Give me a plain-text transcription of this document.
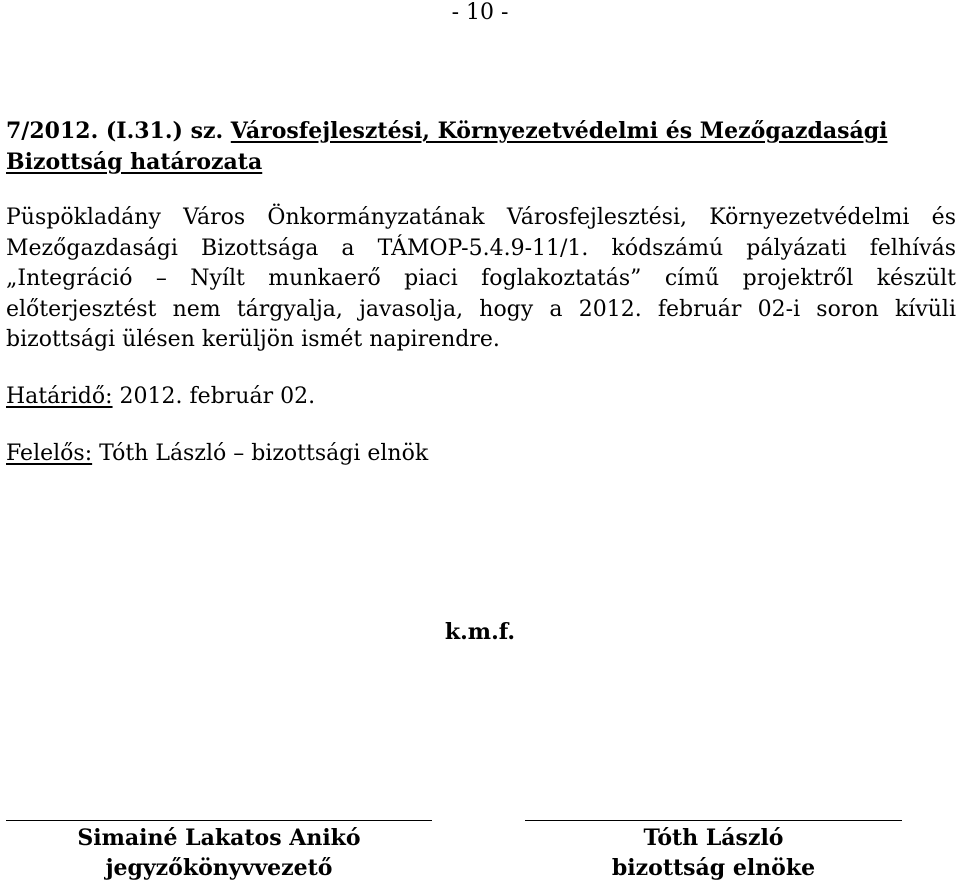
- 10 -
7/2012. (I.31.) sz. Városfejlesztési, Környezetvédelmi és Mezőgazdasági
Bizottság határozata

Püspökladány Város Önkormányzatának Városfejlesztési, Környezetvédelmi és Mezőgazdasági Bizottsága a TÁMOP-5.4.9-11/1. kódszámú pályázati felhívás „Integráció – Nyílt munkaerő piaci foglakoztatás” című projektről készült előterjesztést nem tárgyalja, javasolja, hogy a 2012. február 02-i soron kívüli bizottsági ülésen kerüljön ismét napirendre.

Határidő: 2012. február 02.

Felelős: Tóth László – bizottsági elnök

k.m.f.
Simainé Lakatos Anikó
jegyzőkönyvvezető
Tóth László
bizottság elnöke
